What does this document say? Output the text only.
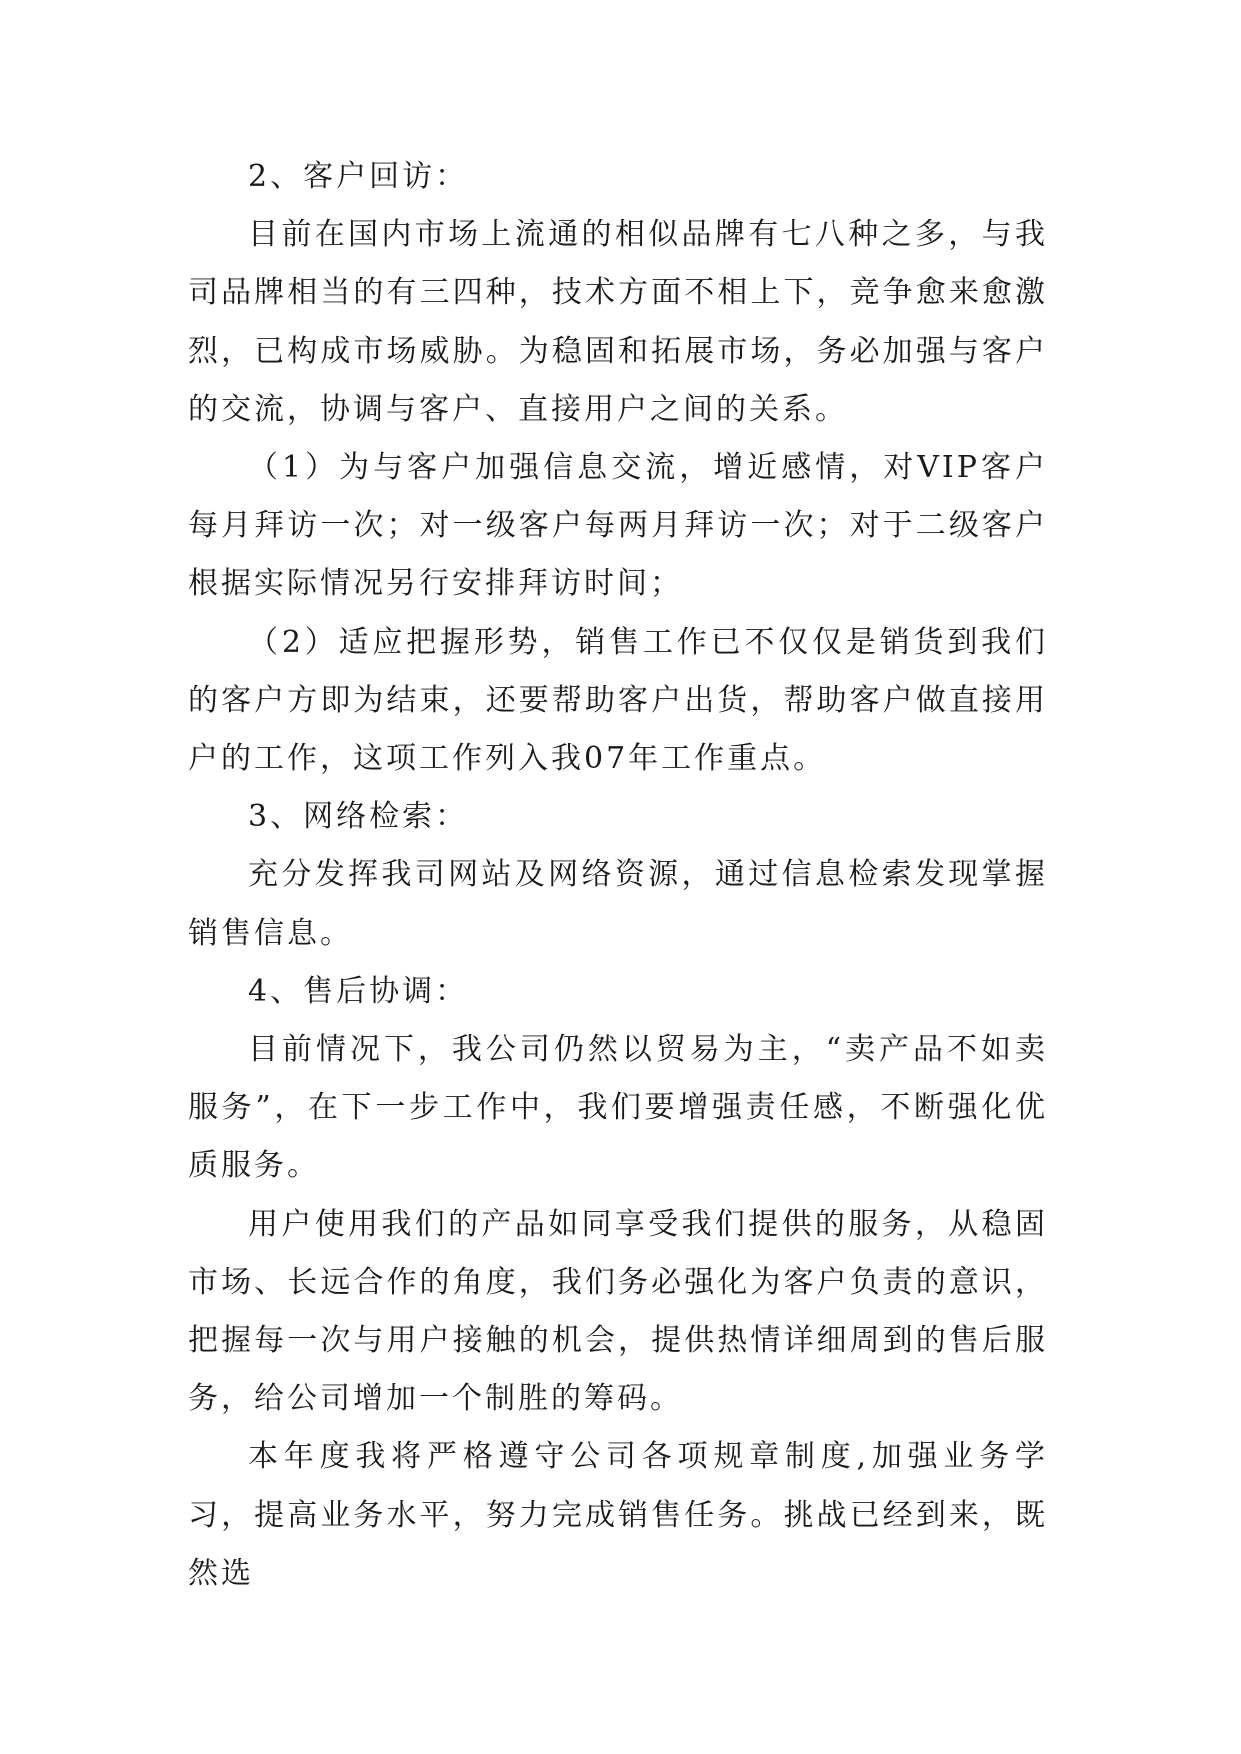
2、客户回访：

目前在国内市场上流通的相似品牌有七八种之多，与我司品牌相当的有三四种，技术方面不相上下，竞争愈来愈激烈，已构成市场威胁。为稳固和拓展市场，务必加强与客户的交流，协调与客户、直接用户之间的关系。

（1）为与客户加强信息交流，增近感情，对VIP客户每月拜访一次；对一级客户每两月拜访一次；对于二级客户根据实际情况另行安排拜访时间；

（2）适应把握形势，销售工作已不仅仅是销货到我们的客户方即为结束，还要帮助客户出货，帮助客户做直接用户的工作，这项工作列入我07年工作重点。

3、网络检索：

充分发挥我司网站及网络资源，通过信息检索发现掌握销售信息。

4、售后协调：

目前情况下，我公司仍然以贸易为主，“卖产品不如卖服务”，在下一步工作中，我们要增强责任感，不断强化优质服务。

用户使用我们的产品如同享受我们提供的服务，从稳固市场、长远合作的角度，我们务必强化为客户负责的意识，把握每一次与用户接触的机会，提供热情详细周到的售后服务，给公司增加一个制胜的筹码。

本年度我将严格遵守公司各项规章制度,加强业务学习，提高业务水平，努力完成销售任务。挑战已经到来，既然选
